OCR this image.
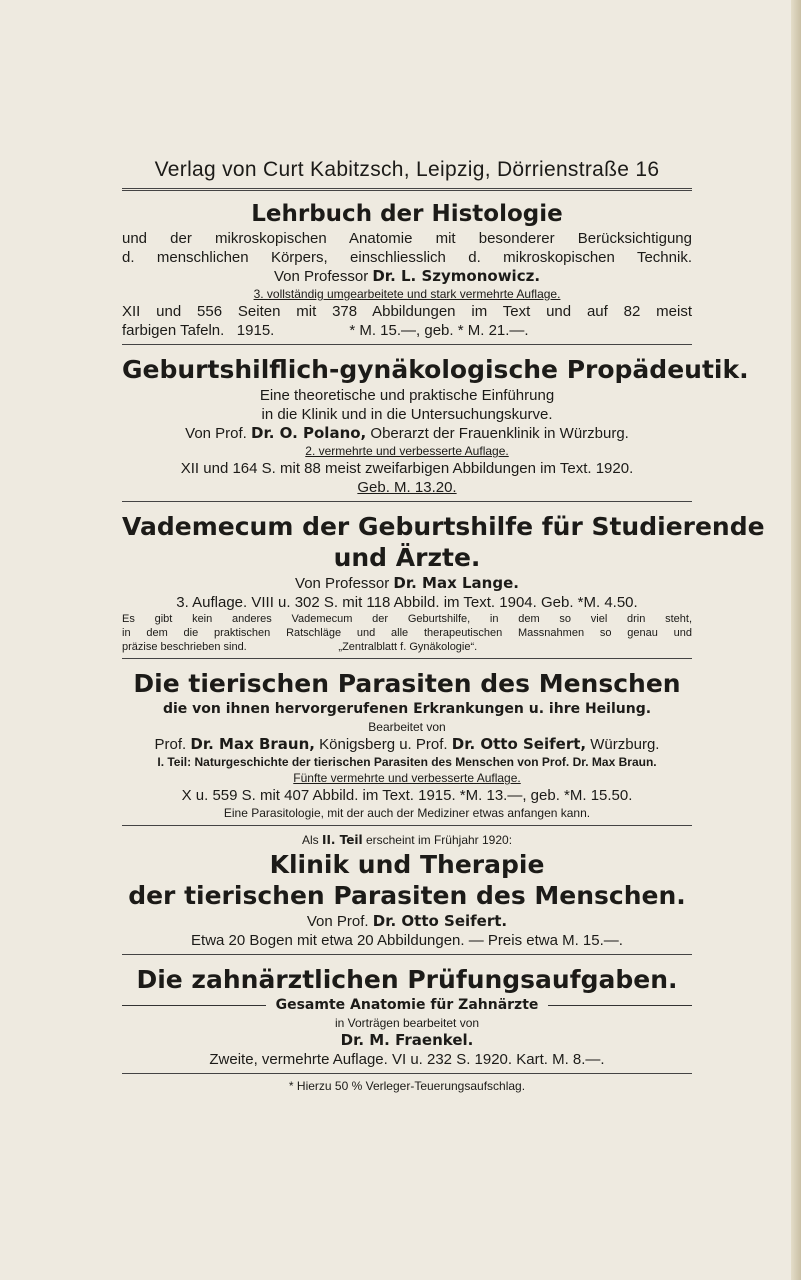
Verlag von Curt Kabitzsch, Leipzig, Dörrienstraße 16
Lehrbuch der Histologie
und der mikroskopischen Anatomie mit besonderer Berücksichtigung
d. menschlichen Körpers, einschliesslich d. mikroskopischen Technik.
Von Professor Dr. L. Szymonowicz.
3. vollständig umgearbeitete und stark vermehrte Auflage.
XII und 556 Seiten mit 378 Abbildungen im Text und auf 82 meist
farbigen Tafeln.   1915.                  * M. 15.—, geb. * M. 21.—.
Geburtshilflich-gynäkologische Propädeutik.
Eine theoretische und praktische Einführung
in die Klinik und in die Untersuchungskurve.
Von Prof. Dr. O. Polano, Oberarzt der Frauenklinik in Würzburg.
2. vermehrte und verbesserte Auflage.
XII und 164 S. mit 88 meist zweifarbigen Abbildungen im Text. 1920.
Geb. M. 13.20.
Vademecum der Geburtshilfe für Studierende
und Ärzte.
Von Professor Dr. Max Lange.
3. Auflage. VIII u. 302 S. mit 118 Abbild. im Text. 1904. Geb. *M. 4.50.
Es gibt kein anderes Vademecum der Geburtshilfe, in dem so viel drin steht,
in dem die praktischen Ratschläge und alle therapeutischen Massnahmen so genau und
präzise beschrieben sind.                              „Zentralblatt f. Gynäkologie“.
Die tierischen Parasiten des Menschen
die von ihnen hervorgerufenen Erkrankungen u. ihre Heilung.
Bearbeitet von
Prof. Dr. Max Braun, Königsberg u. Prof. Dr. Otto Seifert, Würzburg.
I. Teil: Naturgeschichte der tierischen Parasiten des Menschen von Prof. Dr. Max Braun.
Fünfte vermehrte und verbesserte Auflage.
X u. 559 S. mit 407 Abbild. im Text. 1915. *M. 13.—, geb. *M. 15.50.
Eine Parasitologie, mit der auch der Mediziner etwas anfangen kann.
Als II. Teil erscheint im Frühjahr 1920:
Klinik und Therapie
der tierischen Parasiten des Menschen.
Von Prof. Dr. Otto Seifert.
Etwa 20 Bogen mit etwa 20 Abbildungen. — Preis etwa M. 15.—.
Die zahnärztlichen Prüfungsaufgaben.
Gesamte Anatomie für Zahnärzte
in Vorträgen bearbeitet von
Dr. M. Fraenkel.
Zweite, vermehrte Auflage. VI u. 232 S. 1920. Kart. M. 8.—.
* Hierzu 50 % Verleger-Teuerungsaufschlag.
